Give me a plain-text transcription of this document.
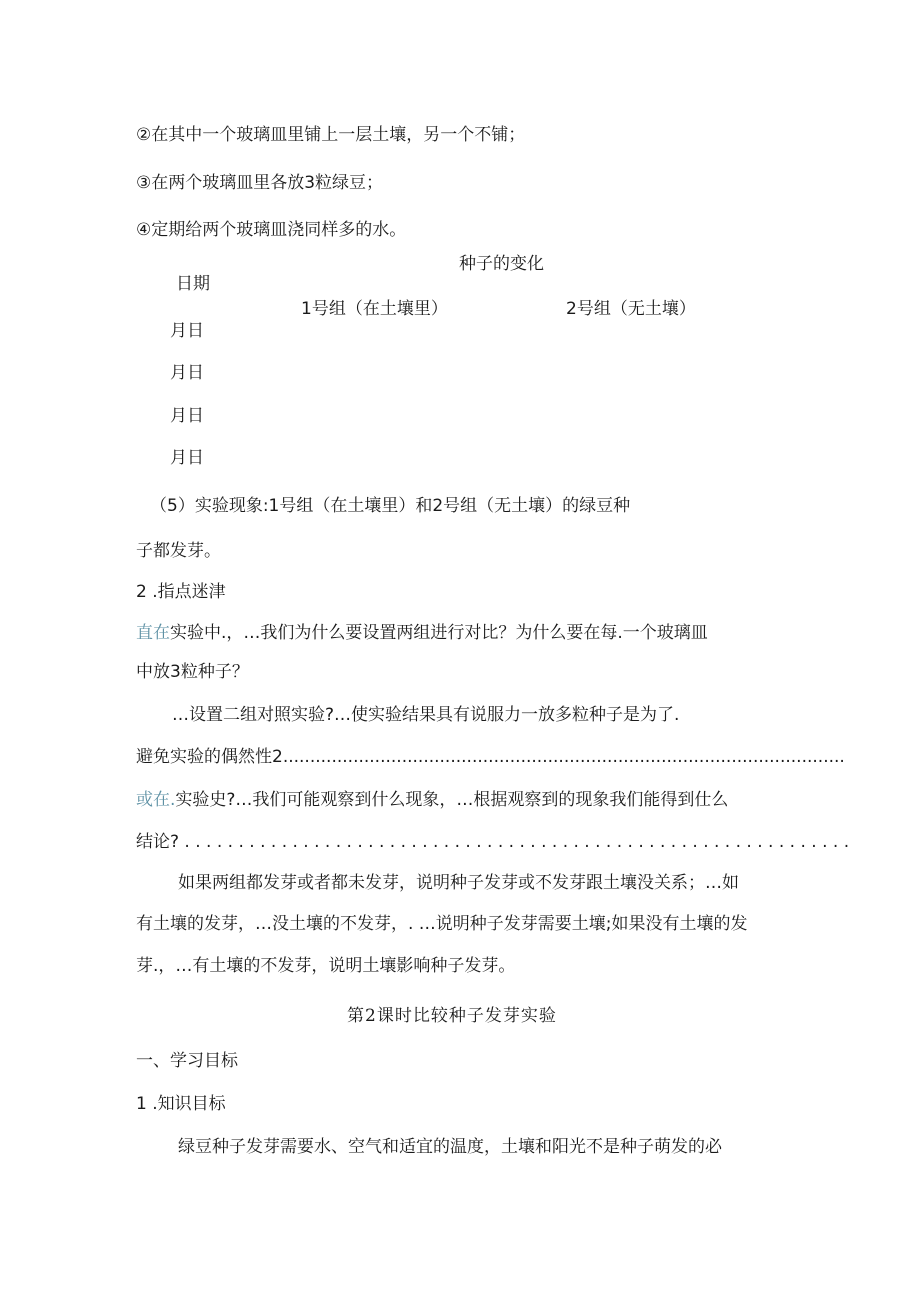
②在其中一个玻璃皿里铺上一层土壤，另一个不铺；
③在两个玻璃皿里各放3粒绿豆；
④定期给两个玻璃皿浇同样多的水。
种子的变化
日期
1号组（在土壤里）	2号组（无土壤）
月日
月日
月日
月日
（5）实验现象:1号组（在土壤里）和2号组（无土壤）的绿豆种
子都发芽。
2 .指点迷津
直在实验中.，…我们为什么要设置两组进行对比？为什么要在每.一个玻璃皿
中放3粒种子？
…设置二组对照实验?…使实验结果具有说服力一放多粒种子是为了.
避免实验的偶然性2........................................................................................................
或在.实验史?…我们可能观察到什么现象，…根据观察到的现象我们能得到仕么
结论? . . . . . . . . . . . . . . . . . . . . . . . . . . . . . . . . . . . . . . . . . . . . . . . . . . . . . . . . . . . . . .
如果两组都发芽或者都未发芽，说明种子发芽或不发芽跟土壤没关系；…如
有土壤的发芽，…没土壤的不发芽，. …说明种子发芽需要土壤;如果没有土壤的发
芽.，…有土壤的不发芽，说明土壤影响种子发芽。
第2课时比较种子发芽实验
一、学习目标
1 .知识目标
绿豆种子发芽需要水、空气和适宜的温度，土壤和阳光不是种子萌发的必
